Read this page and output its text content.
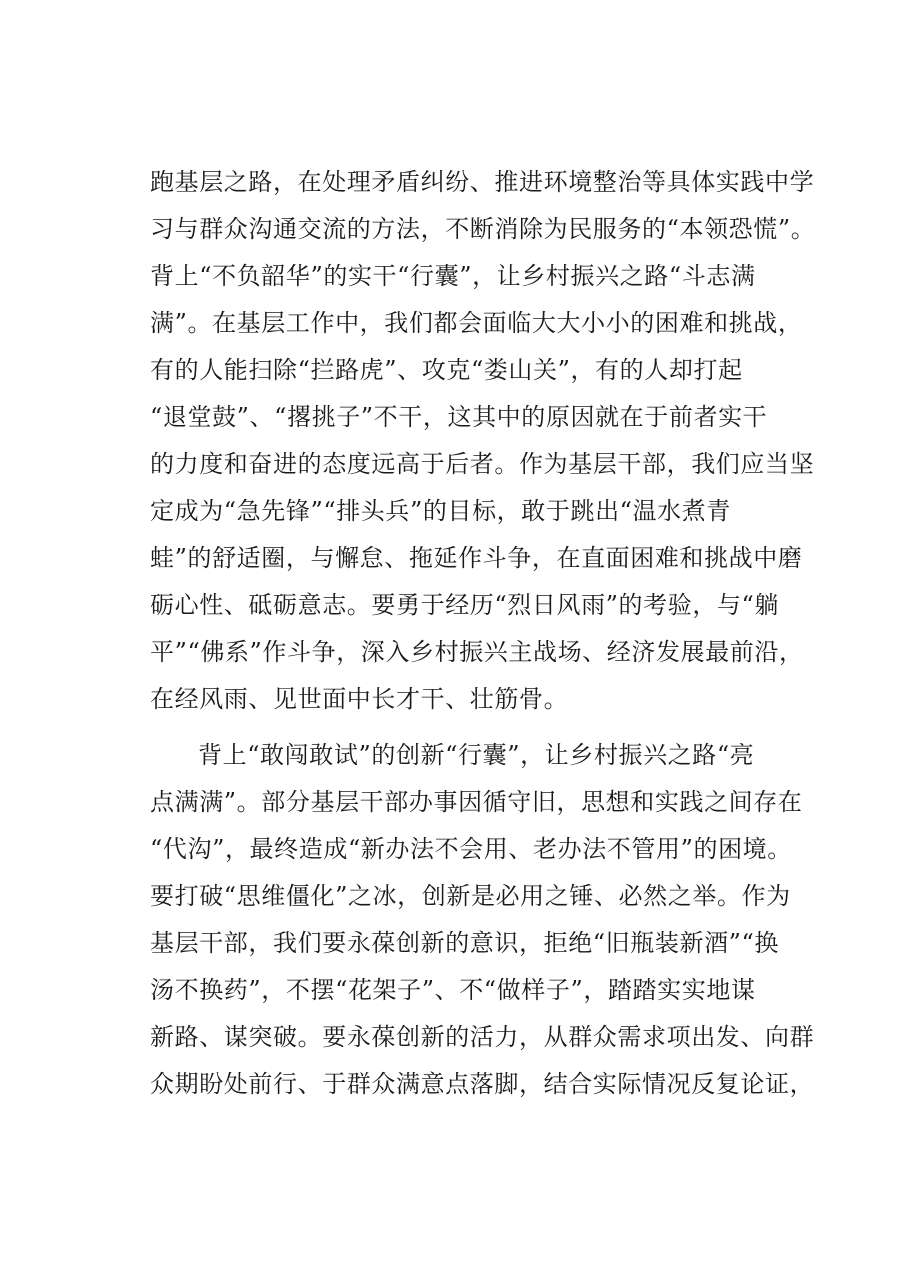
跑基层之路，在处理矛盾纠纷、推进环境整治等具体实践中学
习与群众沟通交流的方法，不断消除为民服务的“本领恐慌”。
背上“不负韶华”的实干“行囊”，让乡村振兴之路“斗志满
满”。在基层工作中，我们都会面临大大小小的困难和挑战，
有的人能扫除“拦路虎”、攻克“娄山关”，有的人却打起
“退堂鼓”、“撂挑子”不干，这其中的原因就在于前者实干
的力度和奋进的态度远高于后者。作为基层干部，我们应当坚
定成为“急先锋”“排头兵”的目标，敢于跳出“温水煮青
蛙”的舒适圈，与懈怠、拖延作斗争，在直面困难和挑战中磨
砺心性、砥砺意志。要勇于经历“烈日风雨”的考验，与“躺
平”“佛系”作斗争，深入乡村振兴主战场、经济发展最前沿，
在经风雨、见世面中长才干、壮筋骨。
背上“敢闯敢试”的创新“行囊”，让乡村振兴之路“亮
点满满”。部分基层干部办事因循守旧，思想和实践之间存在
“代沟”，最终造成“新办法不会用、老办法不管用”的困境。
要打破“思维僵化”之冰，创新是必用之锤、必然之举。作为
基层干部，我们要永葆创新的意识，拒绝“旧瓶装新酒”“换
汤不换药”，不摆“花架子”、不“做样子”，踏踏实实地谋
新路、谋突破。要永葆创新的活力，从群众需求项出发、向群
众期盼处前行、于群众满意点落脚，结合实际情况反复论证，
